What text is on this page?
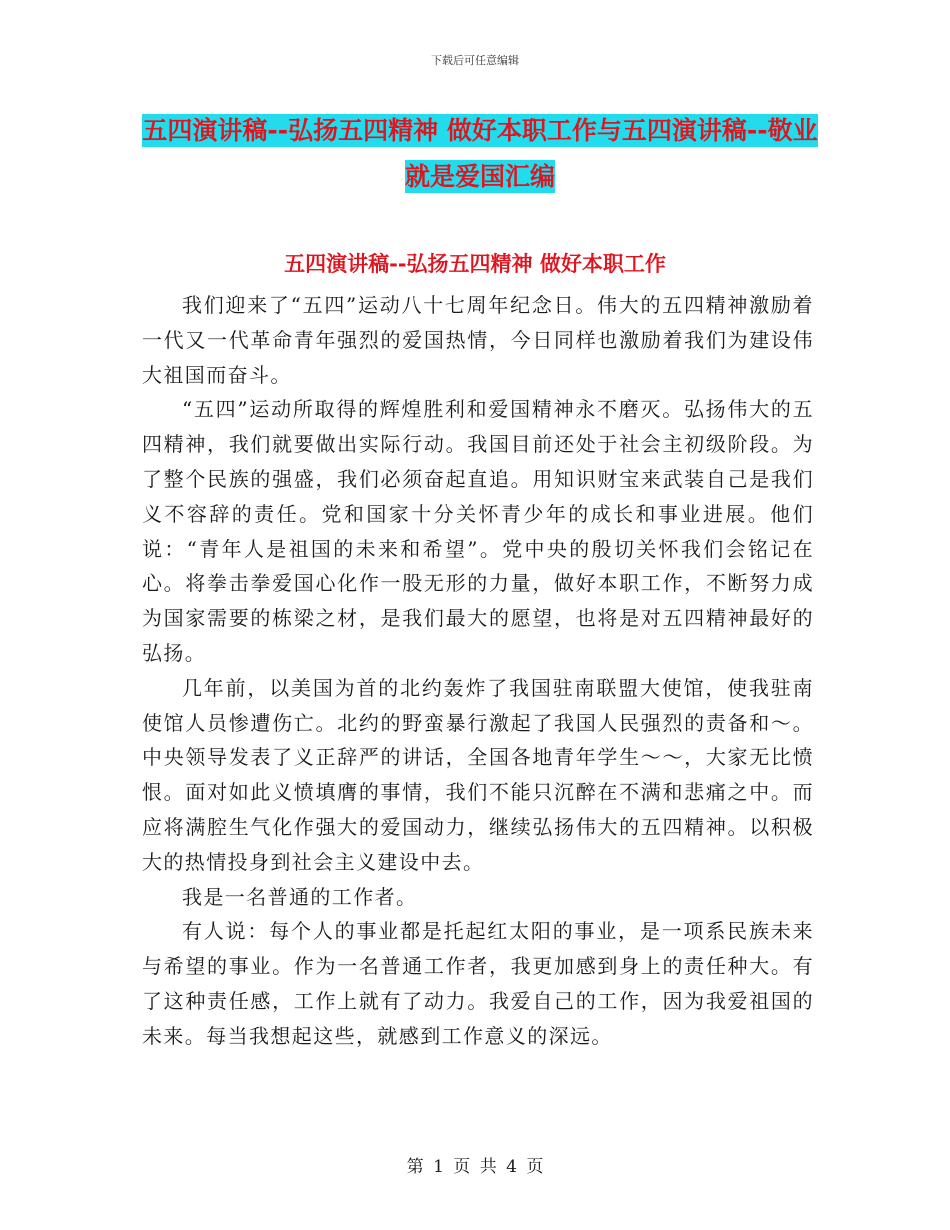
下载后可任意编辑
五四演讲稿--弘扬五四精神 做好本职工作与五四演讲稿--敬业就是爱国汇编
五四演讲稿--弘扬五四精神 做好本职工作

我们迎来了“五四”运动八十七周年纪念日。伟大的五四精神激励着一代又一代革命青年强烈的爱国热情，今日同样也激励着我们为建设伟大祖国而奋斗。

“五四”运动所取得的辉煌胜利和爱国精神永不磨灭。弘扬伟大的五四精神，我们就要做出实际行动。我国目前还处于社会主初级阶段。为了整个民族的强盛，我们必须奋起直追。用知识财宝来武装自己是我们义不容辞的责任。党和国家十分关怀青少年的成长和事业进展。他们说：“青年人是祖国的未来和希望”。党中央的殷切关怀我们会铭记在心。将拳击拳爱国心化作一股无形的力量，做好本职工作，不断努力成为国家需要的栋梁之材，是我们最大的愿望，也将是对五四精神最好的弘扬。

几年前，以美国为首的北约轰炸了我国驻南联盟大使馆，使我驻南使馆人员惨遭伤亡。北约的野蛮暴行激起了我国人民强烈的责备和～。中央领导发表了义正辞严的讲话，全国各地青年学生～～，大家无比愤恨。面对如此义愤填膺的事情，我们不能只沉醉在不满和悲痛之中。而应将满腔生气化作强大的爱国动力，继续弘扬伟大的五四精神。以积极大的热情投身到社会主义建设中去。

我是一名普通的工作者。

有人说：每个人的事业都是托起红太阳的事业，是一项系民族未来与希望的事业。作为一名普通工作者，我更加感到身上的责任种大。有了这种责任感，工作上就有了动力。我爱自己的工作，因为我爱祖国的未来。每当我想起这些，就感到工作意义的深远。

第 1 页 共 4 页
